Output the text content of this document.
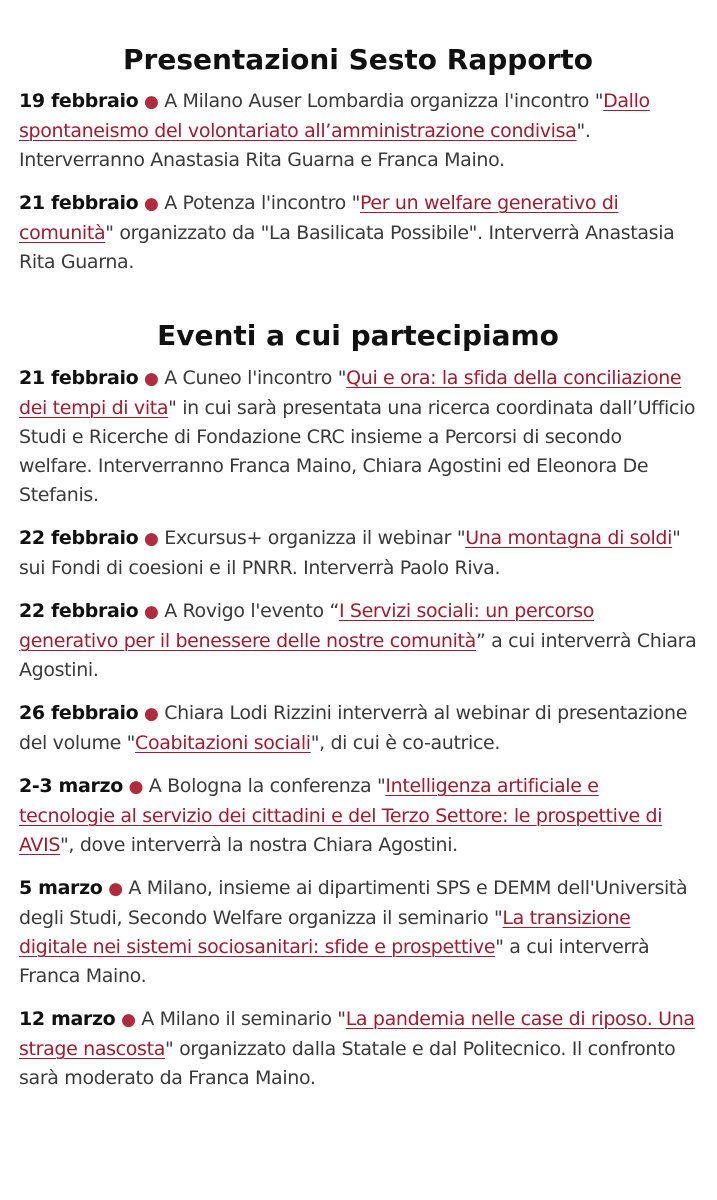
Presentazioni Sesto Rapporto

19 febbraio ● A Milano Auser Lombardia organizza l'incontro "Dallo spontaneismo del volontariato all’amministrazione condivisa". Interverranno Anastasia Rita Guarna e Franca Maino.

21 febbraio ● A Potenza l'incontro "Per un welfare generativo di comunità" organizzato da "La Basilicata Possibile". Interverrà Anastasia Rita Guarna.

Eventi a cui partecipiamo

21 febbraio ● A Cuneo l'incontro "Qui e ora: la sfida della conciliazione dei tempi di vita" in cui sarà presentata una ricerca coordinata dall’Ufficio Studi e Ricerche di Fondazione CRC insieme a Percorsi di secondo welfare. Interverranno Franca Maino, Chiara Agostini ed Eleonora De Stefanis.

22 febbraio ● Excursus+ organizza il webinar "Una montagna di soldi" sui Fondi di coesioni e il PNRR. Interverrà Paolo Riva.

22 febbraio ● A Rovigo l'evento “I Servizi sociali: un percorso generativo per il benessere delle nostre comunità” a cui interverrà Chiara Agostini.

26 febbraio ● Chiara Lodi Rizzini interverrà al webinar di presentazione del volume "Coabitazioni sociali", di cui è co-autrice.

2-3 marzo ● A Bologna la conferenza "Intelligenza artificiale e tecnologie al servizio dei cittadini e del Terzo Settore: le prospettive di AVIS", dove interverrà la nostra Chiara Agostini.

5 marzo ● A Milano, insieme ai dipartimenti SPS e DEMM dell'Università degli Studi, Secondo Welfare organizza il seminario "La transizione digitale nei sistemi sociosanitari: sfide e prospettive" a cui interverrà Franca Maino.

12 marzo ● A Milano il seminario "La pandemia nelle case di riposo. Una strage nascosta" organizzato dalla Statale e dal Politecnico. Il confronto sarà moderato da Franca Maino.
